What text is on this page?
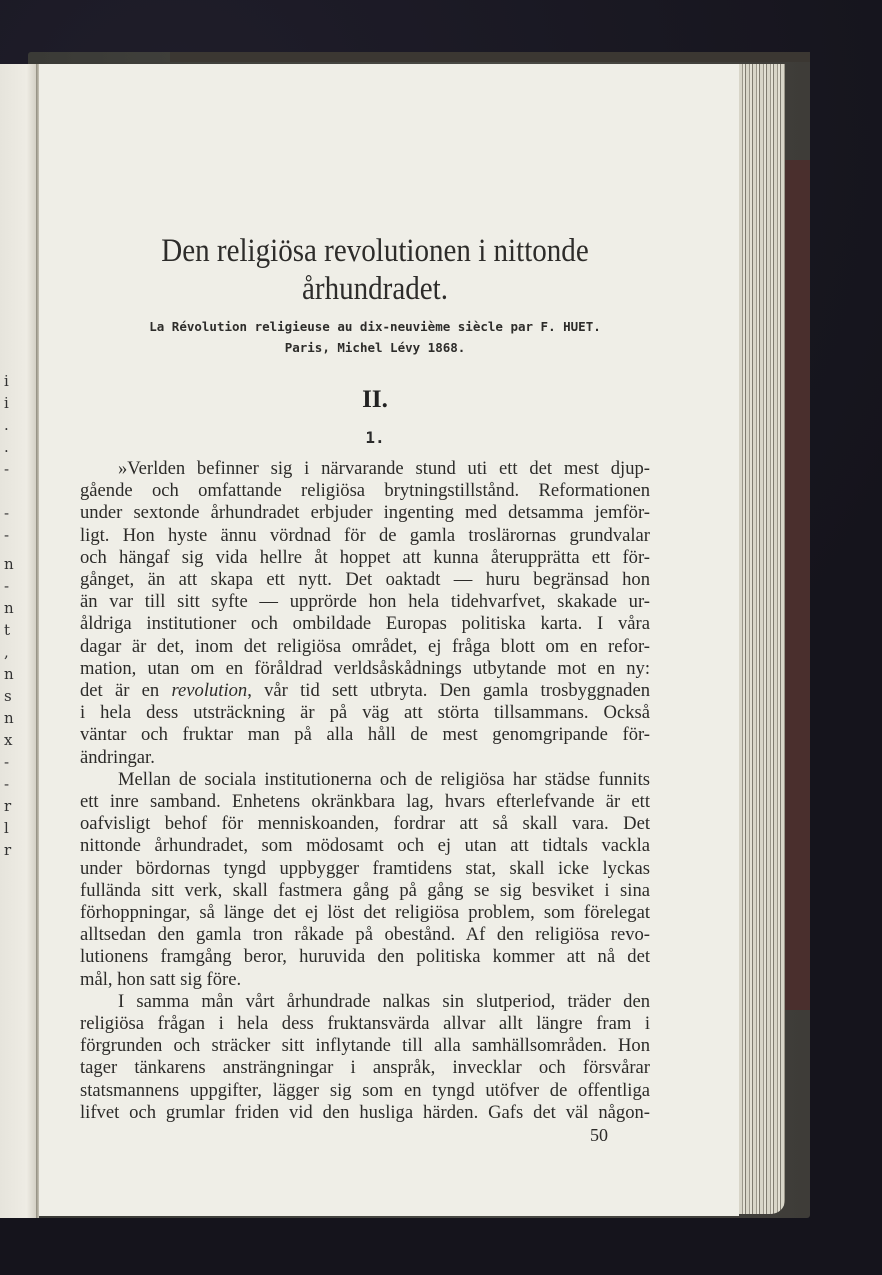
i
i
.
.
-
-
-
n
-
n
t
,
n
s
n
x
-
-
r
l
r
Den religiösa revolutionen i nittonde
århundradet.
La Révolution religieuse au dix-neuvième siècle par F. HUET.
Paris, Michel Lévy 1868.
II.
1.
»Verlden befinner sig i närvarande stund uti ett det mest djup-
gående och omfattande religiösa brytningstillstånd. Reformationen
under sextonde århundradet erbjuder ingenting med detsamma jemför-
ligt. Hon hyste ännu vördnad för de gamla troslärornas grundvalar
och hängaf sig vida hellre åt hoppet att kunna återupprätta ett för-
gånget, än att skapa ett nytt. Det oaktadt — huru begränsad hon
än var till sitt syfte — upprörde hon hela tidehvarfvet, skakade ur-
åldriga institutioner och ombildade Europas politiska karta. I våra
dagar är det, inom det religiösa området, ej fråga blott om en refor-
mation, utan om en föråldrad verldsåskådnings utbytande mot en ny:
det är en revolution, vår tid sett utbryta. Den gamla trosbyggnaden
i hela dess utsträckning är på väg att störta tillsammans. Också
väntar och fruktar man på alla håll de mest genomgripande för-
ändringar.
Mellan de sociala institutionerna och de religiösa har städse funnits
ett inre samband. Enhetens okränkbara lag, hvars efterlefvande är ett
oafvisligt behof för menniskoanden, fordrar att så skall vara. Det
nittonde århundradet, som mödosamt och ej utan att tidtals vackla
under bördornas tyngd uppbygger framtidens stat, skall icke lyckas
fullända sitt verk, skall fastmera gång på gång se sig besviket i sina
förhoppningar, så länge det ej löst det religiösa problem, som förelegat
alltsedan den gamla tron råkade på obestånd. Af den religiösa revo-
lutionens framgång beror, huruvida den politiska kommer att nå det
mål, hon satt sig före.
I samma mån vårt århundrade nalkas sin slutperiod, träder den
religiösa frågan i hela dess fruktansvärda allvar allt längre fram i
förgrunden och sträcker sitt inflytande till alla samhällsområden. Hon
tager tänkarens ansträngningar i anspråk, invecklar och försvårar
statsmannens uppgifter, lägger sig som en tyngd utöfver de offentliga
lifvet och grumlar friden vid den husliga härden. Gafs det väl någon-
50
